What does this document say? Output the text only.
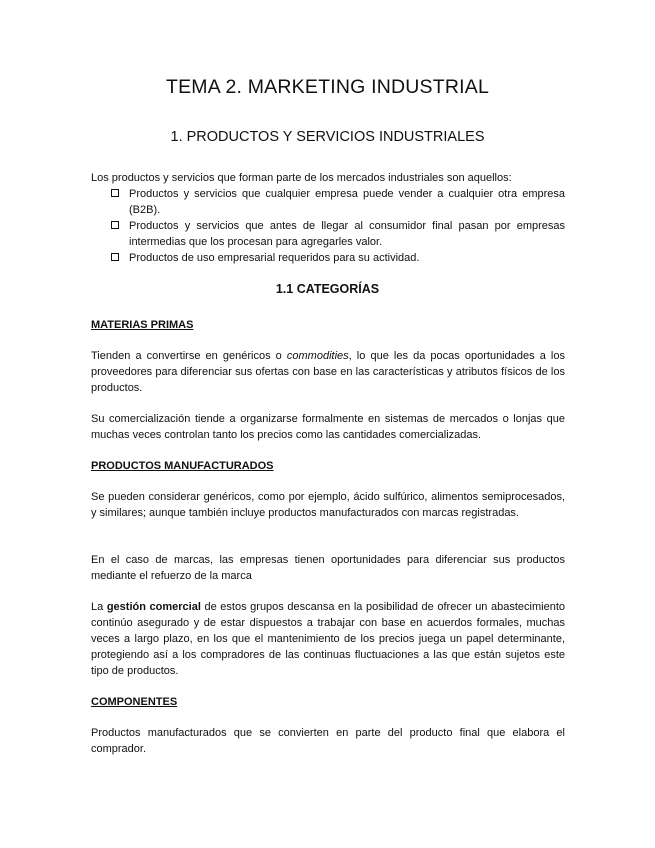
TEMA 2. MARKETING INDUSTRIAL
1. PRODUCTOS Y SERVICIOS INDUSTRIALES

Los productos y servicios que forman parte de los mercados industriales son aquellos:

Productos y servicios que cualquier empresa puede vender a cualquier otra empresa (B2B).
Productos y servicios que antes de llegar al consumidor final pasan por empresas intermedias que los procesan para agregarles valor.
Productos de uso empresarial requeridos para su actividad.
1.1 CATEGORÍAS

MATERIAS PRIMAS

Tienden a convertirse en genéricos o commodities, lo que les da pocas oportunidades a los proveedores para diferenciar sus ofertas con base en las características y atributos físicos de los productos.

Su comercialización tiende a organizarse formalmente en sistemas de mercados o lonjas que muchas veces controlan tanto los precios como las cantidades comercializadas.

PRODUCTOS MANUFACTURADOS

Se pueden considerar genéricos, como por ejemplo, ácido sulfúrico, alimentos semiprocesados, y similares; aunque también incluye productos manufacturados con marcas registradas.

En el caso de marcas, las empresas tienen oportunidades para diferenciar sus productos mediante el refuerzo de la marca

La gestión comercial de estos grupos descansa en la posibilidad de ofrecer un abastecimiento continúo asegurado y de estar dispuestos a trabajar con base en acuerdos formales, muchas veces a largo plazo, en los que el mantenimiento de los precios juega un papel determinante, protegiendo así a los compradores de las continuas fluctuaciones a las que están sujetos este tipo de productos.

COMPONENTES

Productos manufacturados que se convierten en parte del producto final que elabora el comprador.
